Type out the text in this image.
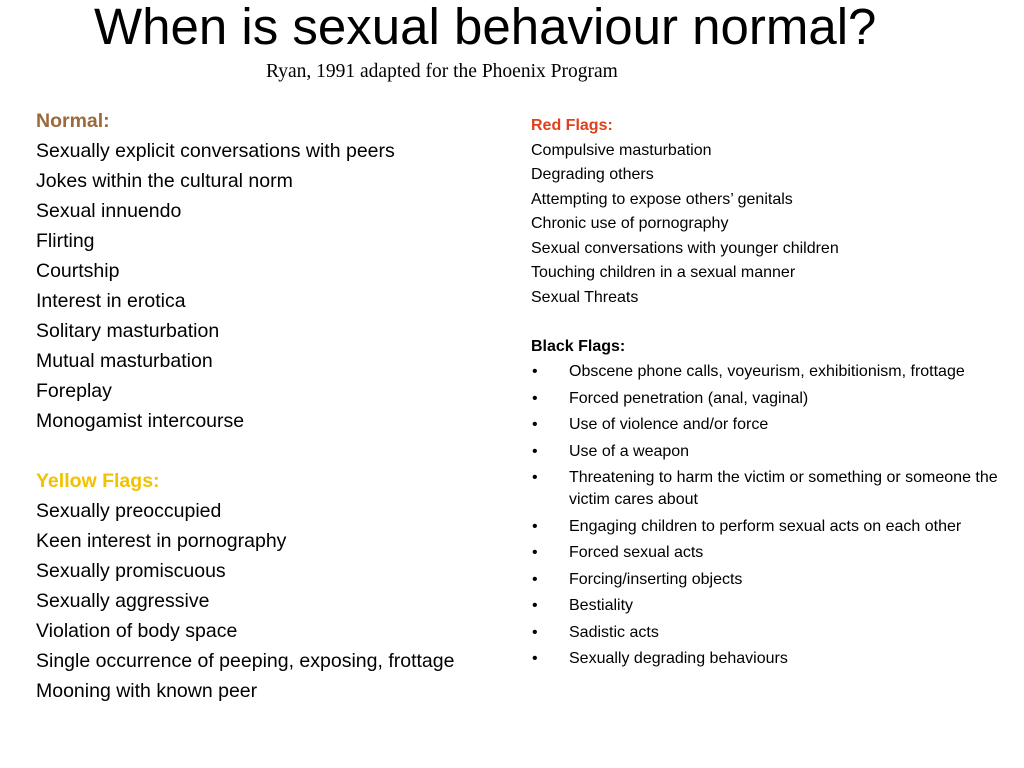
When is sexual behaviour normal?
Ryan, 1991 adapted for the Phoenix Program
Normal:
Sexually explicit conversations with peers
Jokes within the cultural norm
Sexual innuendo
Flirting
Courtship
Interest in erotica
Solitary masturbation
Mutual masturbation
Foreplay
Monogamist intercourse
Yellow Flags:
Sexually preoccupied
Keen interest in pornography
Sexually promiscuous
Sexually aggressive
Violation of body space
Single occurrence of peeping, exposing, frottage
Mooning with known peer
Red Flags:
Compulsive masturbation
Degrading others
Attempting to expose others’ genitals
Chronic use of pornography
Sexual conversations with younger children
Touching children in a sexual manner
Sexual Threats
Black Flags:
• Obscene phone calls, voyeurism, exhibitionism, frottage
• Forced penetration (anal, vaginal)
• Use of violence and/or force
• Use of a weapon
• Threatening to harm the victim or something or someone the victim cares about
• Engaging children to perform sexual acts on each other
• Forced sexual acts
• Forcing/inserting objects
• Bestiality
• Sadistic acts
• Sexually degrading behaviours
